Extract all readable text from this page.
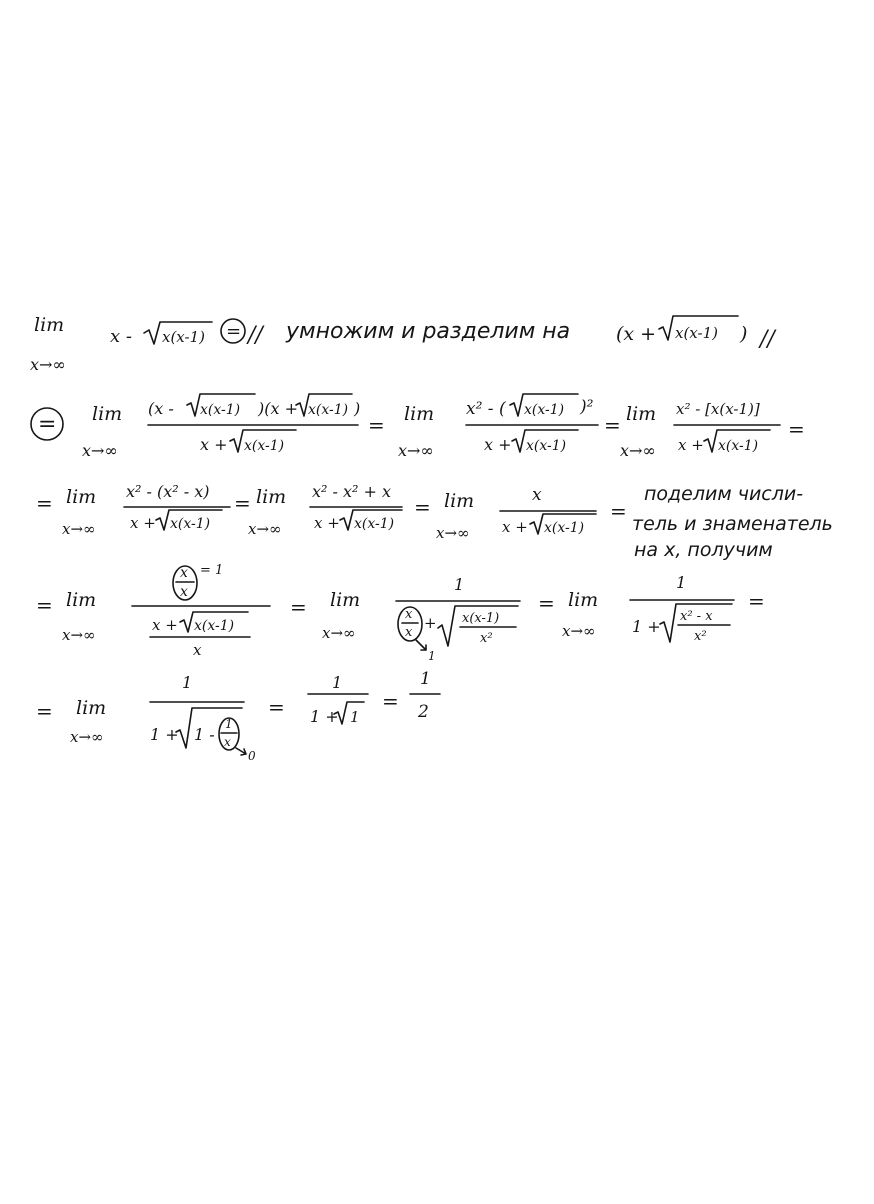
lim
x→∞
x - x(x-1) = // умножим и разделим на (x + x(x-1) ) //
= lim
x→∞
(x - x(x-1) )(x + x(x-1) )
x + x(x-1)
= lim
x→∞
x² - ( x(x-1) )²
x + x(x-1)
= lim
x→∞
x² - [x(x-1)]
x + x(x-1)
=
= lim
x→∞
x² - (x² - x)
x + x(x-1)
= lim
x→∞
x² - x² + x
x + x(x-1)
= lim
x→∞
x
x + x(x-1)
=
поделим числи-
тель и знаменатель
на x, получим
= lim
x→∞
x
x
= 1
x + x(x-1)
x
= lim
x→∞
1
x
x
+
1
x(x-1)
x²
= lim
x→∞
1
1 +
x² - x
x²
=
= lim
x→∞
1
1 + 1 -
1
x
0
=
1
1 + 1
=
1
2
